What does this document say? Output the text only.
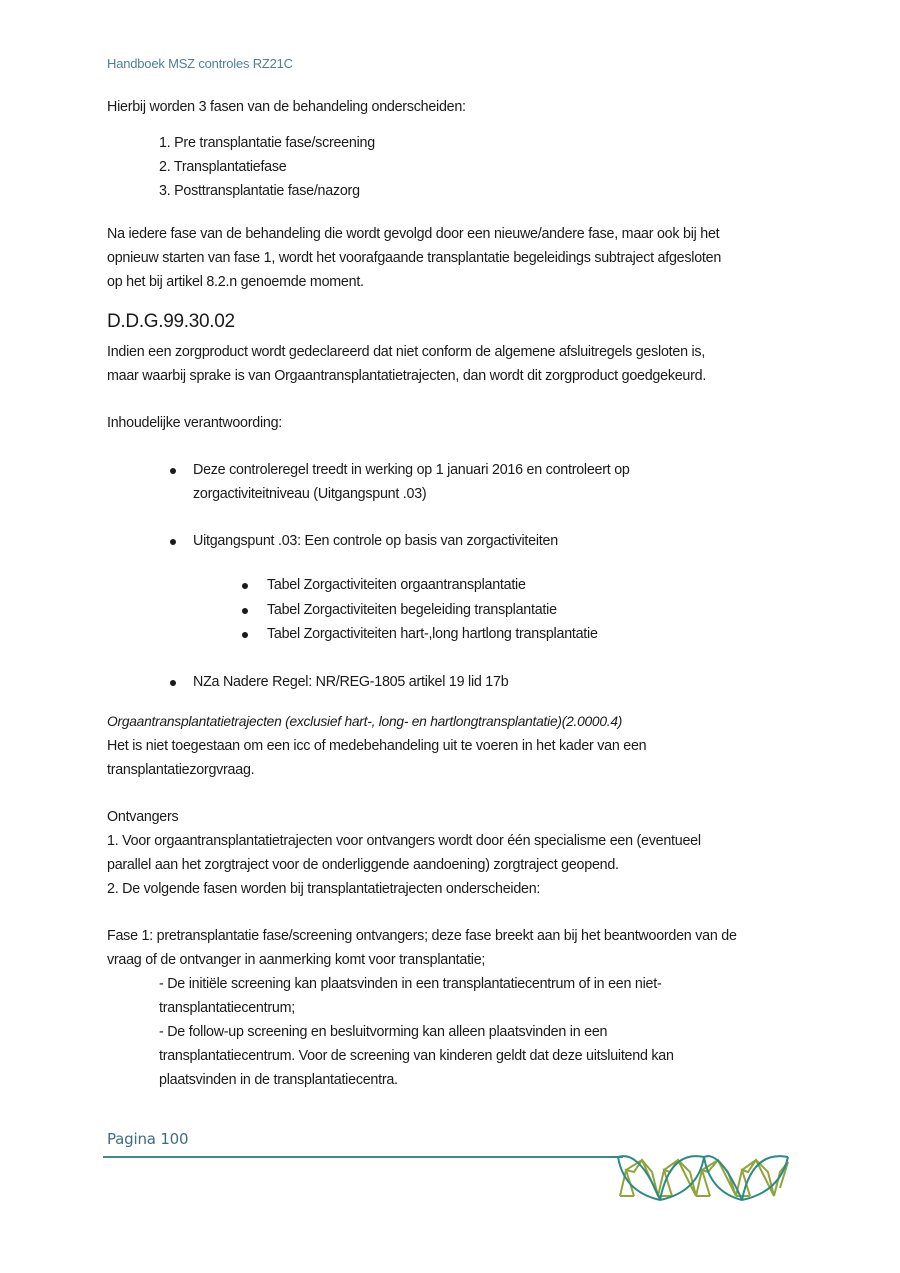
Handboek MSZ controles RZ21C

Hierbij worden 3 fasen van de behandeling onderscheiden:

1. Pre transplantatie fase/screening
2. Transplantatiefase
3. Posttransplantatie fase/nazorg

Na iedere fase van de behandeling die wordt gevolgd door een nieuwe/andere fase, maar ook bij het

opnieuw starten van fase 1, wordt het voorafgaande transplantatie begeleidings subtraject afgesloten

op het bij artikel 8.2.n genoemde moment.

D.D.G.99.30.02

Indien een zorgproduct wordt gedeclareerd dat niet conform de algemene afsluitregels gesloten is,

maar waarbij sprake is van Orgaantransplantatietrajecten, dan wordt dit zorgproduct goedgekeurd.

Inhoudelijke verantwoording:

Deze controleregel treedt in werking op 1 januari 2016 en controleert op
zorgactiviteitniveau (Uitgangspunt .03)
Uitgangspunt .03: Een controle op basis van zorgactiviteiten
Tabel Zorgactiviteiten orgaantransplantatie
Tabel Zorgactiviteiten begeleiding transplantatie
Tabel Zorgactiviteiten hart-,long hartlong transplantatie
NZa Nadere Regel: NR/REG-1805 artikel 19 lid 17b

Orgaantransplantatietrajecten (exclusief hart-, long- en hartlongtransplantatie)(2.0000.4)

Het is niet toegestaan om een icc of medebehandeling uit te voeren in het kader van een

transplantatiezorgvraag.

Ontvangers

1. Voor orgaantransplantatietrajecten voor ontvangers wordt door één specialisme een (eventueel

parallel aan het zorgtraject voor de onderliggende aandoening) zorgtraject geopend.

2. De volgende fasen worden bij transplantatietrajecten onderscheiden:

Fase 1: pretransplantatie fase/screening ontvangers; deze fase breekt aan bij het beantwoorden van de

vraag of de ontvanger in aanmerking komt voor transplantatie;

- De initiële screening kan plaatsvinden in een transplantatiecentrum of in een niet-

transplantatiecentrum;

- De follow-up screening en besluitvorming kan alleen plaatsvinden in een

transplantatiecentrum. Voor de screening van kinderen geldt dat deze uitsluitend kan

plaatsvinden in de transplantatiecentra.

Pagina 100
